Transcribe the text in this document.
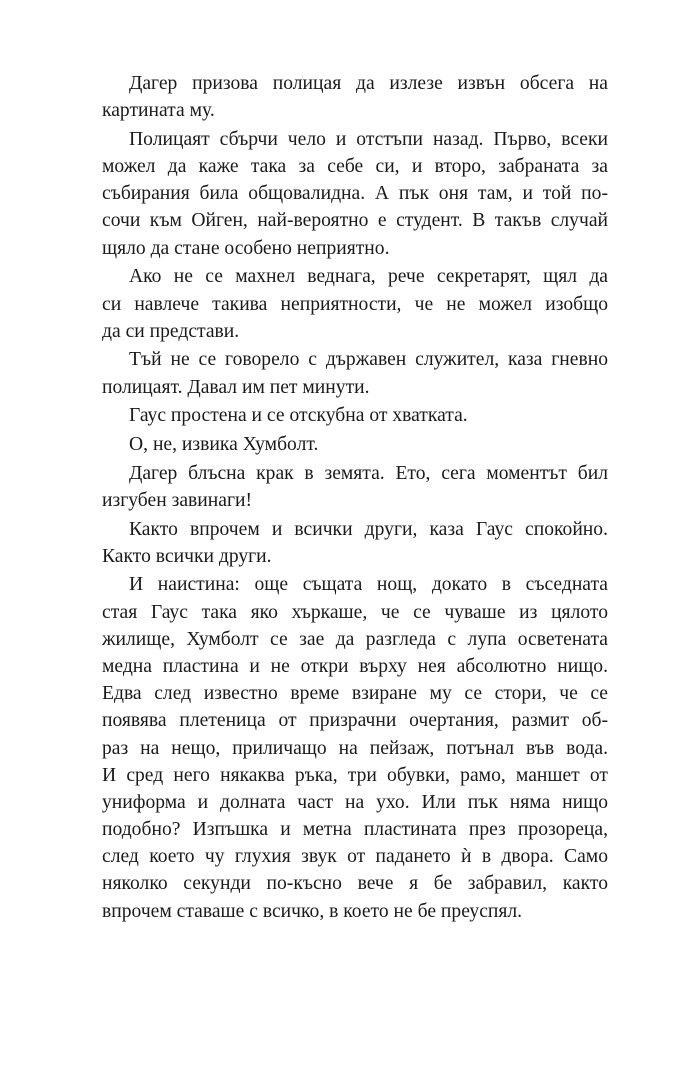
Дагер призова полицая да излезе извън обсега на
картината му.
Полицаят сбърчи чело и отстъпи назад. Първо, всеки
можел да каже така за себе си, и второ, забраната за
събирания била общовалидна. А пък оня там, и той по-
сочи към Ойген, най-вероятно е студент. В такъв случай
щяло да стане особено неприятно.
Ако не се махнел веднага, рече секретарят, щял да
си навлече такива неприятности, че не можел изобщо
да си представи.
Тъй не се говорело с държавен служител, каза гневно
полицаят. Давал им пет минути.
Гаус простена и се отскубна от хватката.
О, не, извика Хумболт.
Дагер блъсна крак в земята. Ето, сега моментът бил
изгубен завинаги!
Както впрочем и всички други, каза Гаус спокойно.
Както всички други.
И наистина: още същата нощ, докато в съседната
стая Гаус така яко хъркаше, че се чуваше из цялото
жилище, Хумболт се зае да разгледа с лупа осветената
медна пластина и не откри върху нея абсолютно нищо.
Едва след известно време взиране му се стори, че се
появява плетеница от призрачни очертания, размит об-
раз на нещо, приличащо на пейзаж, потънал във вода.
И сред него някаква ръка, три обувки, рамо, маншет от
униформа и долната част на ухо. Или пък няма нищо
подобно? Изпъшка и метна пластината през прозореца,
след което чу глухия звук от падането ѝ в двора. Само
няколко секунди по-късно вече я бе забравил, както
впрочем ставаше с всичко, в което не бе преуспял.
